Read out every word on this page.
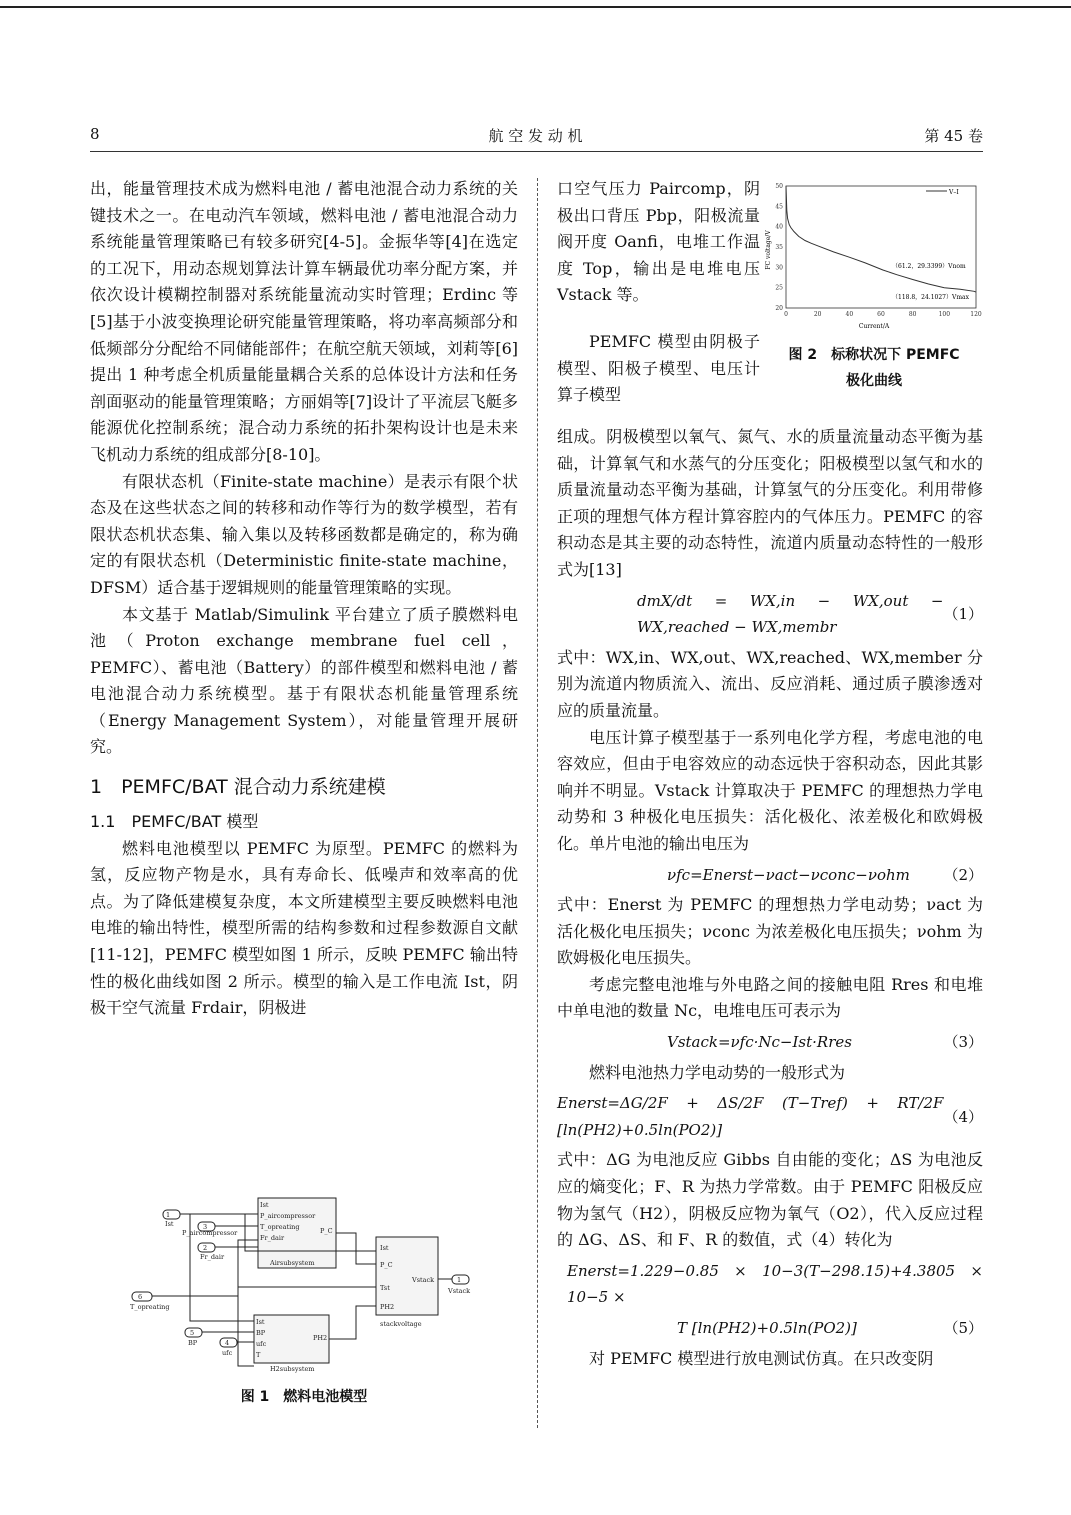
8	航 空 发 动 机	第 45 卷

出，能量管理技术成为燃料电池 / 蓄电池混合动力系统的关键技术之一。在电动汽车领域，燃料电池 / 蓄电池混合动力系统能量管理策略已有较多研究[4-5]。金振华等[4]在选定的工况下，用动态规划算法计算车辆最优功率分配方案，并依次设计模糊控制器对系统能量流动实时管理；Erdinc 等[5]基于小波变换理论研究能量管理策略，将功率高频部分和低频部分分配给不同储能部件；在航空航天领域，刘莉等[6]提出 1 种考虑全机质量能量耦合关系的总体设计方法和任务剖面驱动的能量管理策略；方丽娟等[7]设计了平流层飞艇多能源优化控制系统；混合动力系统的拓扑架构设计也是未来飞机动力系统的组成部分[8-10]。

有限状态机（Finite-state machine）是表示有限个状态及在这些状态之间的转移和动作等行为的数学模型，若有限状态机状态集、输入集以及转移函数都是确定的，称为确定的有限状态机（Deterministic finite-state machine，DFSM）适合基于逻辑规则的能量管理策略的实现。

本文基于 Matlab/Simulink 平台建立了质子膜燃料电池（Proton exchange membrane fuel cell，PEMFC）、蓄电池（Battery）的部件模型和燃料电池 / 蓄电池混合动力系统模型。基于有限状态机能量管理系统（Energy Management System），对能量管理开展研究。

1　PEMFC/BAT 混合动力系统建模
1.1　PEMFC/BAT 模型

燃料电池模型以 PEMFC 为原型。PEMFC 的燃料为氢，反应物产物是水，具有寿命长、低噪声和效率高的优点。为了降低建模复杂度，本文所建模型主要反映燃料电池电堆的输出特性，模型所需的结构参数和过程参数源自文献[11-12]，PEMFC 模型如图 1 所示，反映 PEMFC 输出特性的极化曲线如图 2 所示。模型的输入是工作电流 Ist，阴极干空气流量 Frdair，阴极进

1
3
2
6
5
4
1
Ist
P_aircompressor
Fr_dair
T_opreating
BP
ufc
Ist
P_aircompressor
T_opreating
Fr_dair
P_C
Airsubsystem
Ist
P_C
Tst
PH2
Vstack
stackvoltage
Ist
BP
ufc
T
PH2
H2subsystem
Vstack
图 1　燃料电池模型

口空气压力 Paircomp，阴极出口背压 Pbp，阳极流量阀开度 Oanfi，电堆工作温度 Top，输出是电堆电压 Vstack 等。

0	20	40	60	80	100	120
20
25
30
35
40
45
50
V–I
（61.2，29.3399）Vnom
（118.8，24.1027）Vmax
Current/A
FC voltage/V
图 2　标称状况下 PEMFC
极化曲线

PEMFC 模型由阴极子模型、阳极子模型、电压计算子模型

组成。阴极模型以氧气、氮气、水的质量流量动态平衡为基础，计算氧气和水蒸气的分压变化；阳极模型以氢气和水的质量流量动态平衡为基础，计算氢气的分压变化。利用带修正项的理想气体方程计算容腔内的气体压力。PEMFC 的容积动态是其主要的动态特性，流道内质量动态特性的一般形式为[13]

dmX/dt = WX,in − WX,out − WX,reached − WX,membr
（1）

式中：WX,in、WX,out、WX,reached、WX,member 分别为流道内物质流入、流出、反应消耗、通过质子膜渗透对应的质量流量。

电压计算子模型基于一系列电化学方程，考虑电池的电容效应，但由于电容效应的动态远快于容积动态，因此其影响并不明显。Vstack 计算取决于 PEMFC 的理想热力学电动势和 3 种极化电压损失：活化极化、浓差极化和欧姆极化。单片电池的输出电压为

νfc=Enerst−νact−νconc−νohm （2）

式中：Enerst 为 PEMFC 的理想热力学电动势；νact 为活化极化电压损失；νconc 为浓差极化电压损失；νohm 为欧姆极化电压损失。

考虑完整电池堆与外电路之间的接触电阻 Rres 和电堆中单电池的数量 Nc，电堆电压可表示为

Vstack=νfc·Nc−Ist·Rres	（3）

燃料电池热力学电动势的一般形式为

Enerst=ΔG/2F + ΔS/2F (T−Tref) + RT/2F [ln(PH2)+0.5ln(PO2)]
（4）

式中：ΔG 为电池反应 Gibbs 自由能的变化；ΔS 为电池反应的熵变化；F、R 为热力学常数。由于 PEMFC 阳极反应物为氢气（H2），阴极反应物为氧气（O2），代入反应过程的 ΔG、ΔS、和 F、R 的数值，式（4）转化为

Enerst=1.229−0.85 × 10−3(T−298.15)+4.3805 × 10−5 ×
T [ln(PH2)+0.5ln(PO2)]	（5）

对 PEMFC 模型进行放电测试仿真。在只改变阴
